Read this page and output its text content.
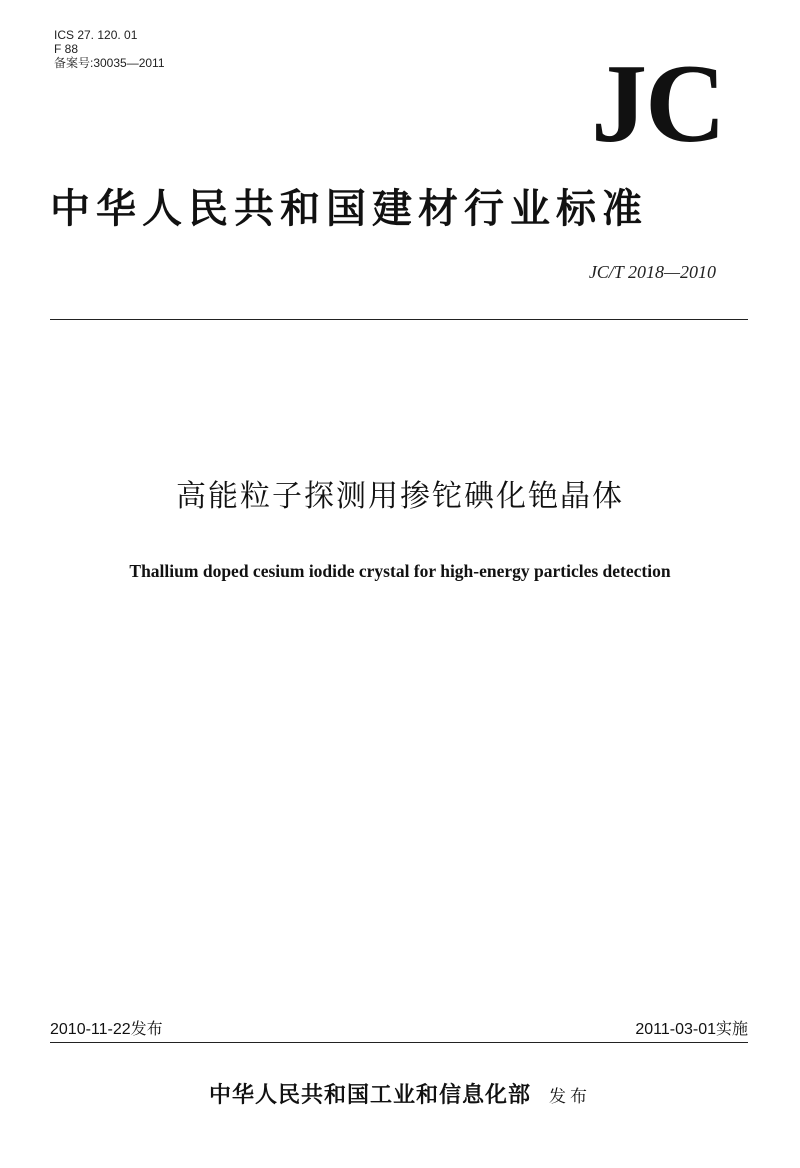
ICS 27. 120. 01
F 88
备案号:30035—2011	JC
中华人民共和国建材行业标准
JC/T 2018—2010
高能粒子探测用掺铊碘化铯晶体
Thallium doped cesium iodide crystal for high-energy particles detection
2010-11-22发布	2011-03-01实施
中华人民共和国工业和信息化部 发布
